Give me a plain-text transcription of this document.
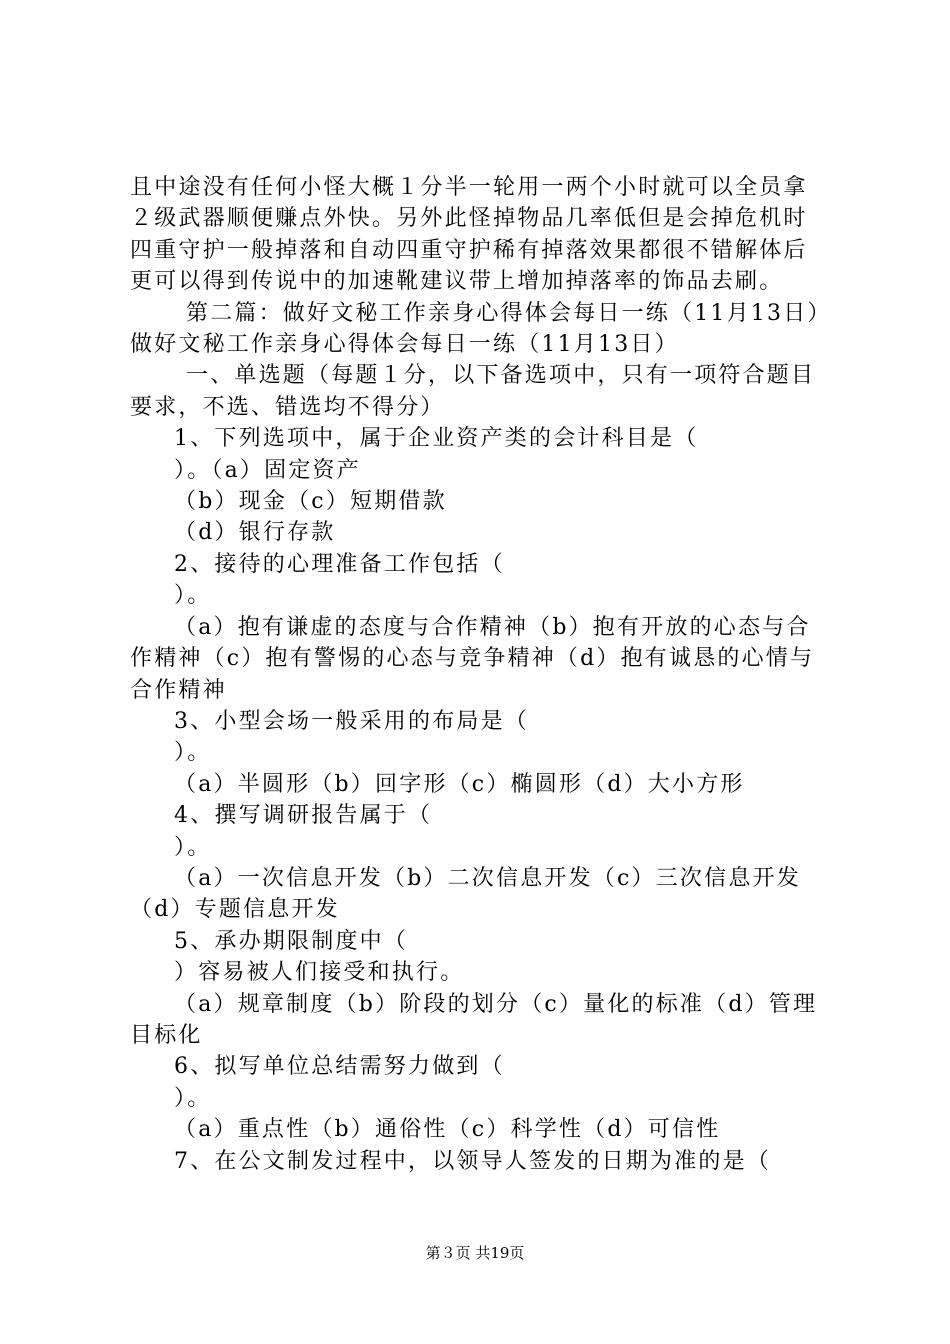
且中途没有任何小怪大概１分半一轮用一两个小时就可以全员拿２级武器顺便赚点外快。另外此怪掉物品几率低但是会掉危机时四重守护一般掉落和自动四重守护稀有掉落效果都很不错解体后更可以得到传说中的加速靴建议带上增加掉落率的饰品去刷。

第二篇：做好文秘工作亲身心得体会每日一练（11月13日）做好文秘工作亲身心得体会每日一练（11月13日）

一、单选题（每题１分，以下备选项中，只有一项符合题目要求，不选、错选均不得分）

1、下列选项中，属于企业资产类的会计科目是（

）。（a）固定资产

（b）现金（c）短期借款

（d）银行存款

2、接待的心理准备工作包括（

）。

（a）抱有谦虚的态度与合作精神（b）抱有开放的心态与合作精神（c）抱有警惕的心态与竞争精神（d）抱有诚恳的心情与合作精神

3、小型会场一般采用的布局是（

）。

（a）半圆形（b）回字形（c）椭圆形（d）大小方形

4、撰写调研报告属于（

）。

（a）一次信息开发（b）二次信息开发（c）三次信息开发（d）专题信息开发

5、承办期限制度中（

）容易被人们接受和执行。

（a）规章制度（b）阶段的划分（c）量化的标准（d）管理目标化

6、拟写单位总结需努力做到（

）。

（a）重点性（b）通俗性（c）科学性（d）可信性

7、在公文制发过程中，以领导人签发的日期为准的是（

第３页 共19页
